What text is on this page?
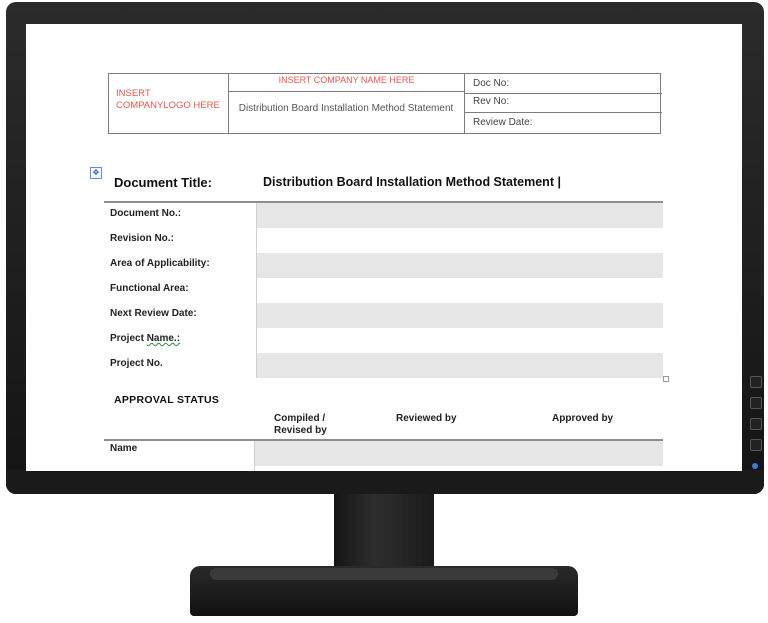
INSERT COMPANYLOGO HERE
INSERT COMPANY NAME HERE
Distribution Board Installation Method Statement
Doc No:
Rev No:
Review Date:
✥
Document Title:	Distribution Board Installation Method Statement |
Document No.:
Revision No.:
Area of Applicability:
Functional Area:
Next Review Date:
Project Name.:
Project No.
APPROVAL STATUS
Compiled / Revised by
Reviewed by	Approved by
Name
